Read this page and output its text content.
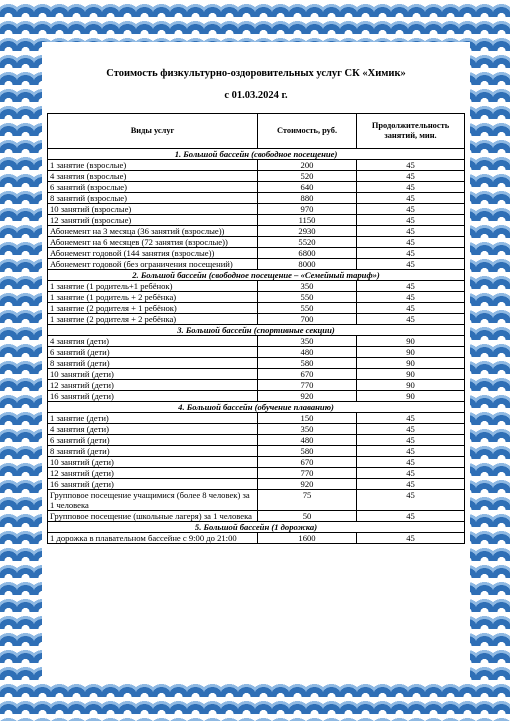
Стоимость физкультурно-оздоровительных услуг СК «Химик»
с 01.03.2024 г.
Виды услуг	Стоимость, руб.	Продолжительность занятий, мин.
1. Большой бассейн (свободное посещение)		
1 занятие (взрослые)	200	45
4 занятия (взрослые)	520	45
6 занятий (взрослые)	640	45
8 занятий (взрослые)	880	45
10 занятий (взрослые)	970	45
12 занятий (взрослые)	1150	45
Абонемент на 3 месяца (36 занятий (взрослые))	2930	45
Абонемент на 6 месяцев (72 занятия (взрослые))	5520	45
Абонемент годовой (144 занятия (взрослые))	6800	45
Абонемент годовой (без ограничения посещений)	8000	45
2. Большой бассейн (свободное посещение – «Семейный тариф»)		
1 занятие (1 родитель+1 ребёнок)	350	45
1 занятие (1 родитель + 2 ребёнка)	550	45
1 занятие (2 родителя + 1 ребёнок)	550	45
1 занятие (2 родителя + 2 ребёнка)	700	45
3. Большой бассейн (спортивные секции)		
4 занятия (дети)	350	90
6 занятий (дети)	480	90
8 занятий (дети)	580	90
10 занятий (дети)	670	90
12 занятий (дети)	770	90
16 занятий (дети)	920	90
4. Большой бассейн (обучение плаванию)		
1 занятие (дети)	150	45
4 занятия (дети)	350	45
6 занятий (дети)	480	45
8 занятий (дети)	580	45
10 занятий (дети)	670	45
12 занятий (дети)	770	45
16 занятий (дети)	920	45
Групповое посещение учащимися (более 8 человек) за 1 человека	75	45
Групповое посещение (школьные лагеря) за 1 человека	50	45
5. Большой бассейн (1 дорожка)		
1 дорожка в плавательном бассейне с 9:00 до 21:00	1600	45
